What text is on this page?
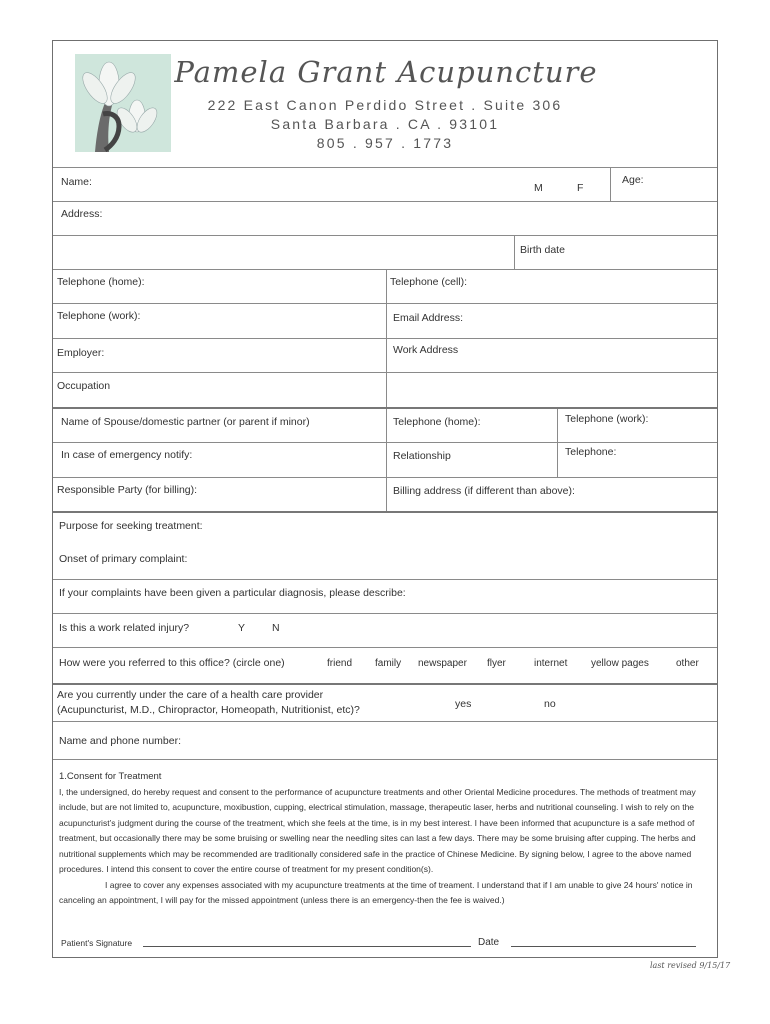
Pamela Grant Acupuncture
222 East Canon Perdido Street . Suite 306
Santa Barbara . CA . 93101
805 . 957 . 1773
Name:	M	F
Age:
Address:
Birth date
Telephone (home):	Telephone (cell):
Telephone (work):	Email Address:
Employer:	Work Address
Occupation
Name of Spouse/domestic partner (or parent if minor)	Telephone (home):	Telephone (work):
In case of emergency notify:	Relationship	Telephone:
Responsible Party (for billing):	Billing address (if different than above):
Purpose for seeking treatment:
Onset of primary complaint:
If your complaints have been given a particular diagnosis, please describe:
Is this a work related injury?	Y	N
How were you referred to this office? (circle one)	friend family newspaper flyer	internet yellow pages	other
Are you currently under the care of a health care provider
(Acupuncturist, M.D., Chiropractor, Homeopath, Nutritionist, etc)?	yes	no
Name and phone number:

1.Consent for Treatment

I, the undersigned, do hereby request and consent to the performance of acupuncture treatments and other Oriental Medicine procedures. The methods of treatment may include, but are not limited to, acupuncture, moxibustion, cupping, electrical stimulation, massage, therapeutic laser, herbs and nutritional counseling. I wish to rely on the acupuncturist’s judgment during the course of the treatment, which she feels at the time, is in my best interest. I have been informed that acupuncture is a safe method of treatment, but occasionally there may be some bruising or swelling near the needling sites can last a few days. There may be some bruising after cupping. The herbs and nutritional supplements which may be recommended are traditionally considered safe in the practice of Chinese Medicine. By signing below, I agree to the above named procedures. I intend this consent to cover the entire course of treatment for my present condition(s).

I agree to cover any expenses associated with my acupuncture treatments at the time of treament. I understand that if I am unable to give 24 hours' notice in canceling an appointment, I will pay for the missed appointment (unless there is an emergency-then the fee is waived.)

Patient's Signature	Date
last revised 9/15/17
